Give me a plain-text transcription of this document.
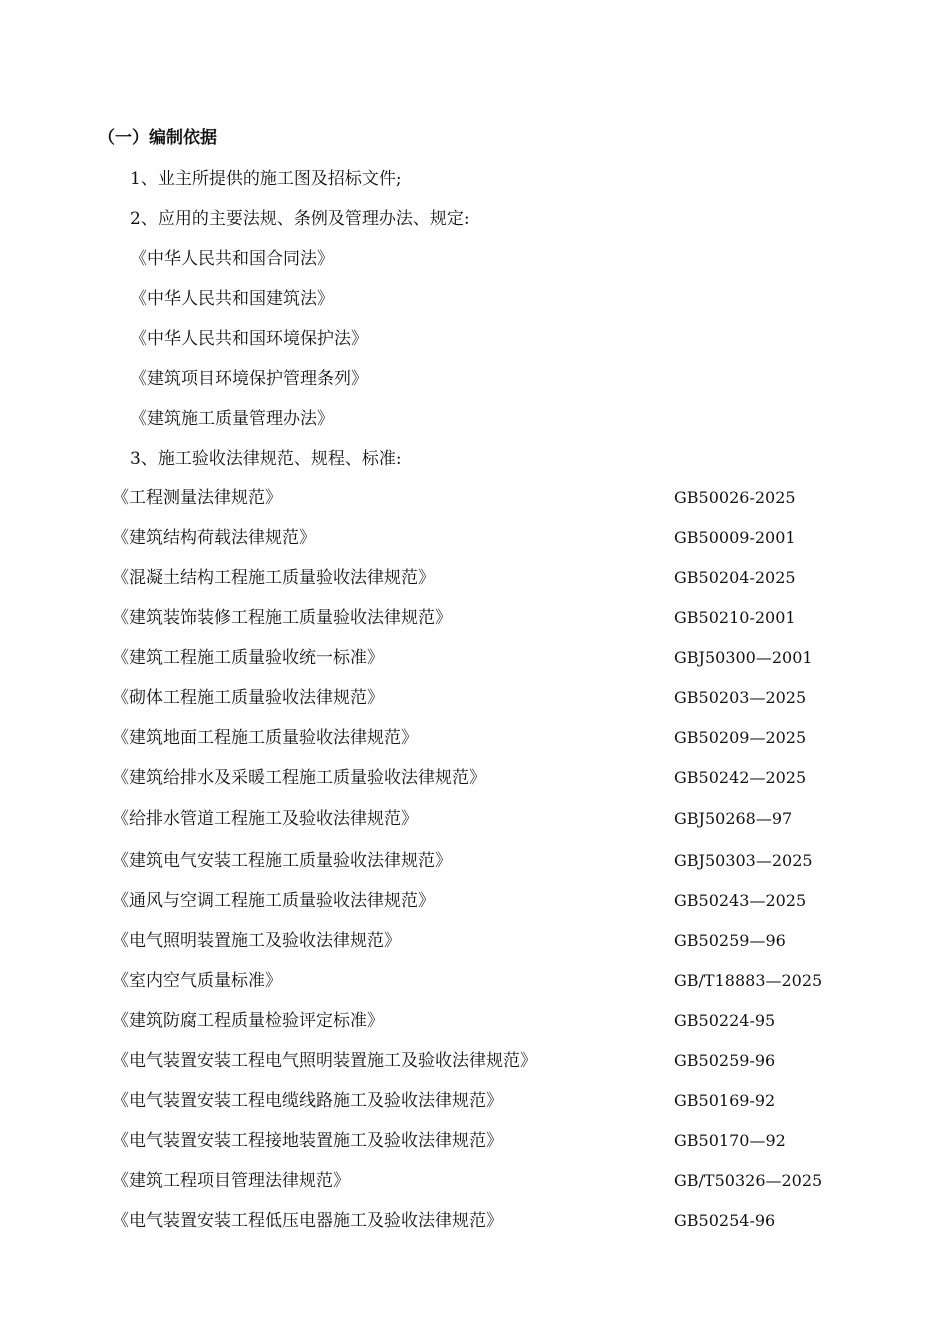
（一）编制依据
1、业主所提供的施工图及招标文件;
2、应用的主要法规、条例及管理办法、规定:
《中华人民共和国合同法》
《中华人民共和国建筑法》
《中华人民共和国环境保护法》
《建筑项目环境保护管理条列》
《建筑施工质量管理办法》
3、施工验收法律规范、规程、标准:
《工程测量法律规范》	GB50026-2025
《建筑结构荷载法律规范》	GB50009-2001
《混凝土结构工程施工质量验收法律规范》	GB50204-2025
《建筑装饰装修工程施工质量验收法律规范》	GB50210-2001
《建筑工程施工质量验收统一标准》	GBJ50300—2001
《砌体工程施工质量验收法律规范》	GB50203—2025
《建筑地面工程施工质量验收法律规范》	GB50209—2025
《建筑给排水及采暖工程施工质量验收法律规范》	GB50242—2025
《给排水管道工程施工及验收法律规范》	GBJ50268—97
《建筑电气安装工程施工质量验收法律规范》	GBJ50303—2025
《通风与空调工程施工质量验收法律规范》	GB50243—2025
《电气照明装置施工及验收法律规范》	GB50259—96
《室内空气质量标准》	GB/T18883—2025
《建筑防腐工程质量检验评定标准》	GB50224-95
《电气装置安装工程电气照明装置施工及验收法律规范》	GB50259-96
《电气装置安装工程电缆线路施工及验收法律规范》	GB50169-92
《电气装置安装工程接地装置施工及验收法律规范》	GB50170—92
《建筑工程项目管理法律规范》	GB/T50326—2025
《电气装置安装工程低压电器施工及验收法律规范》	GB50254-96
